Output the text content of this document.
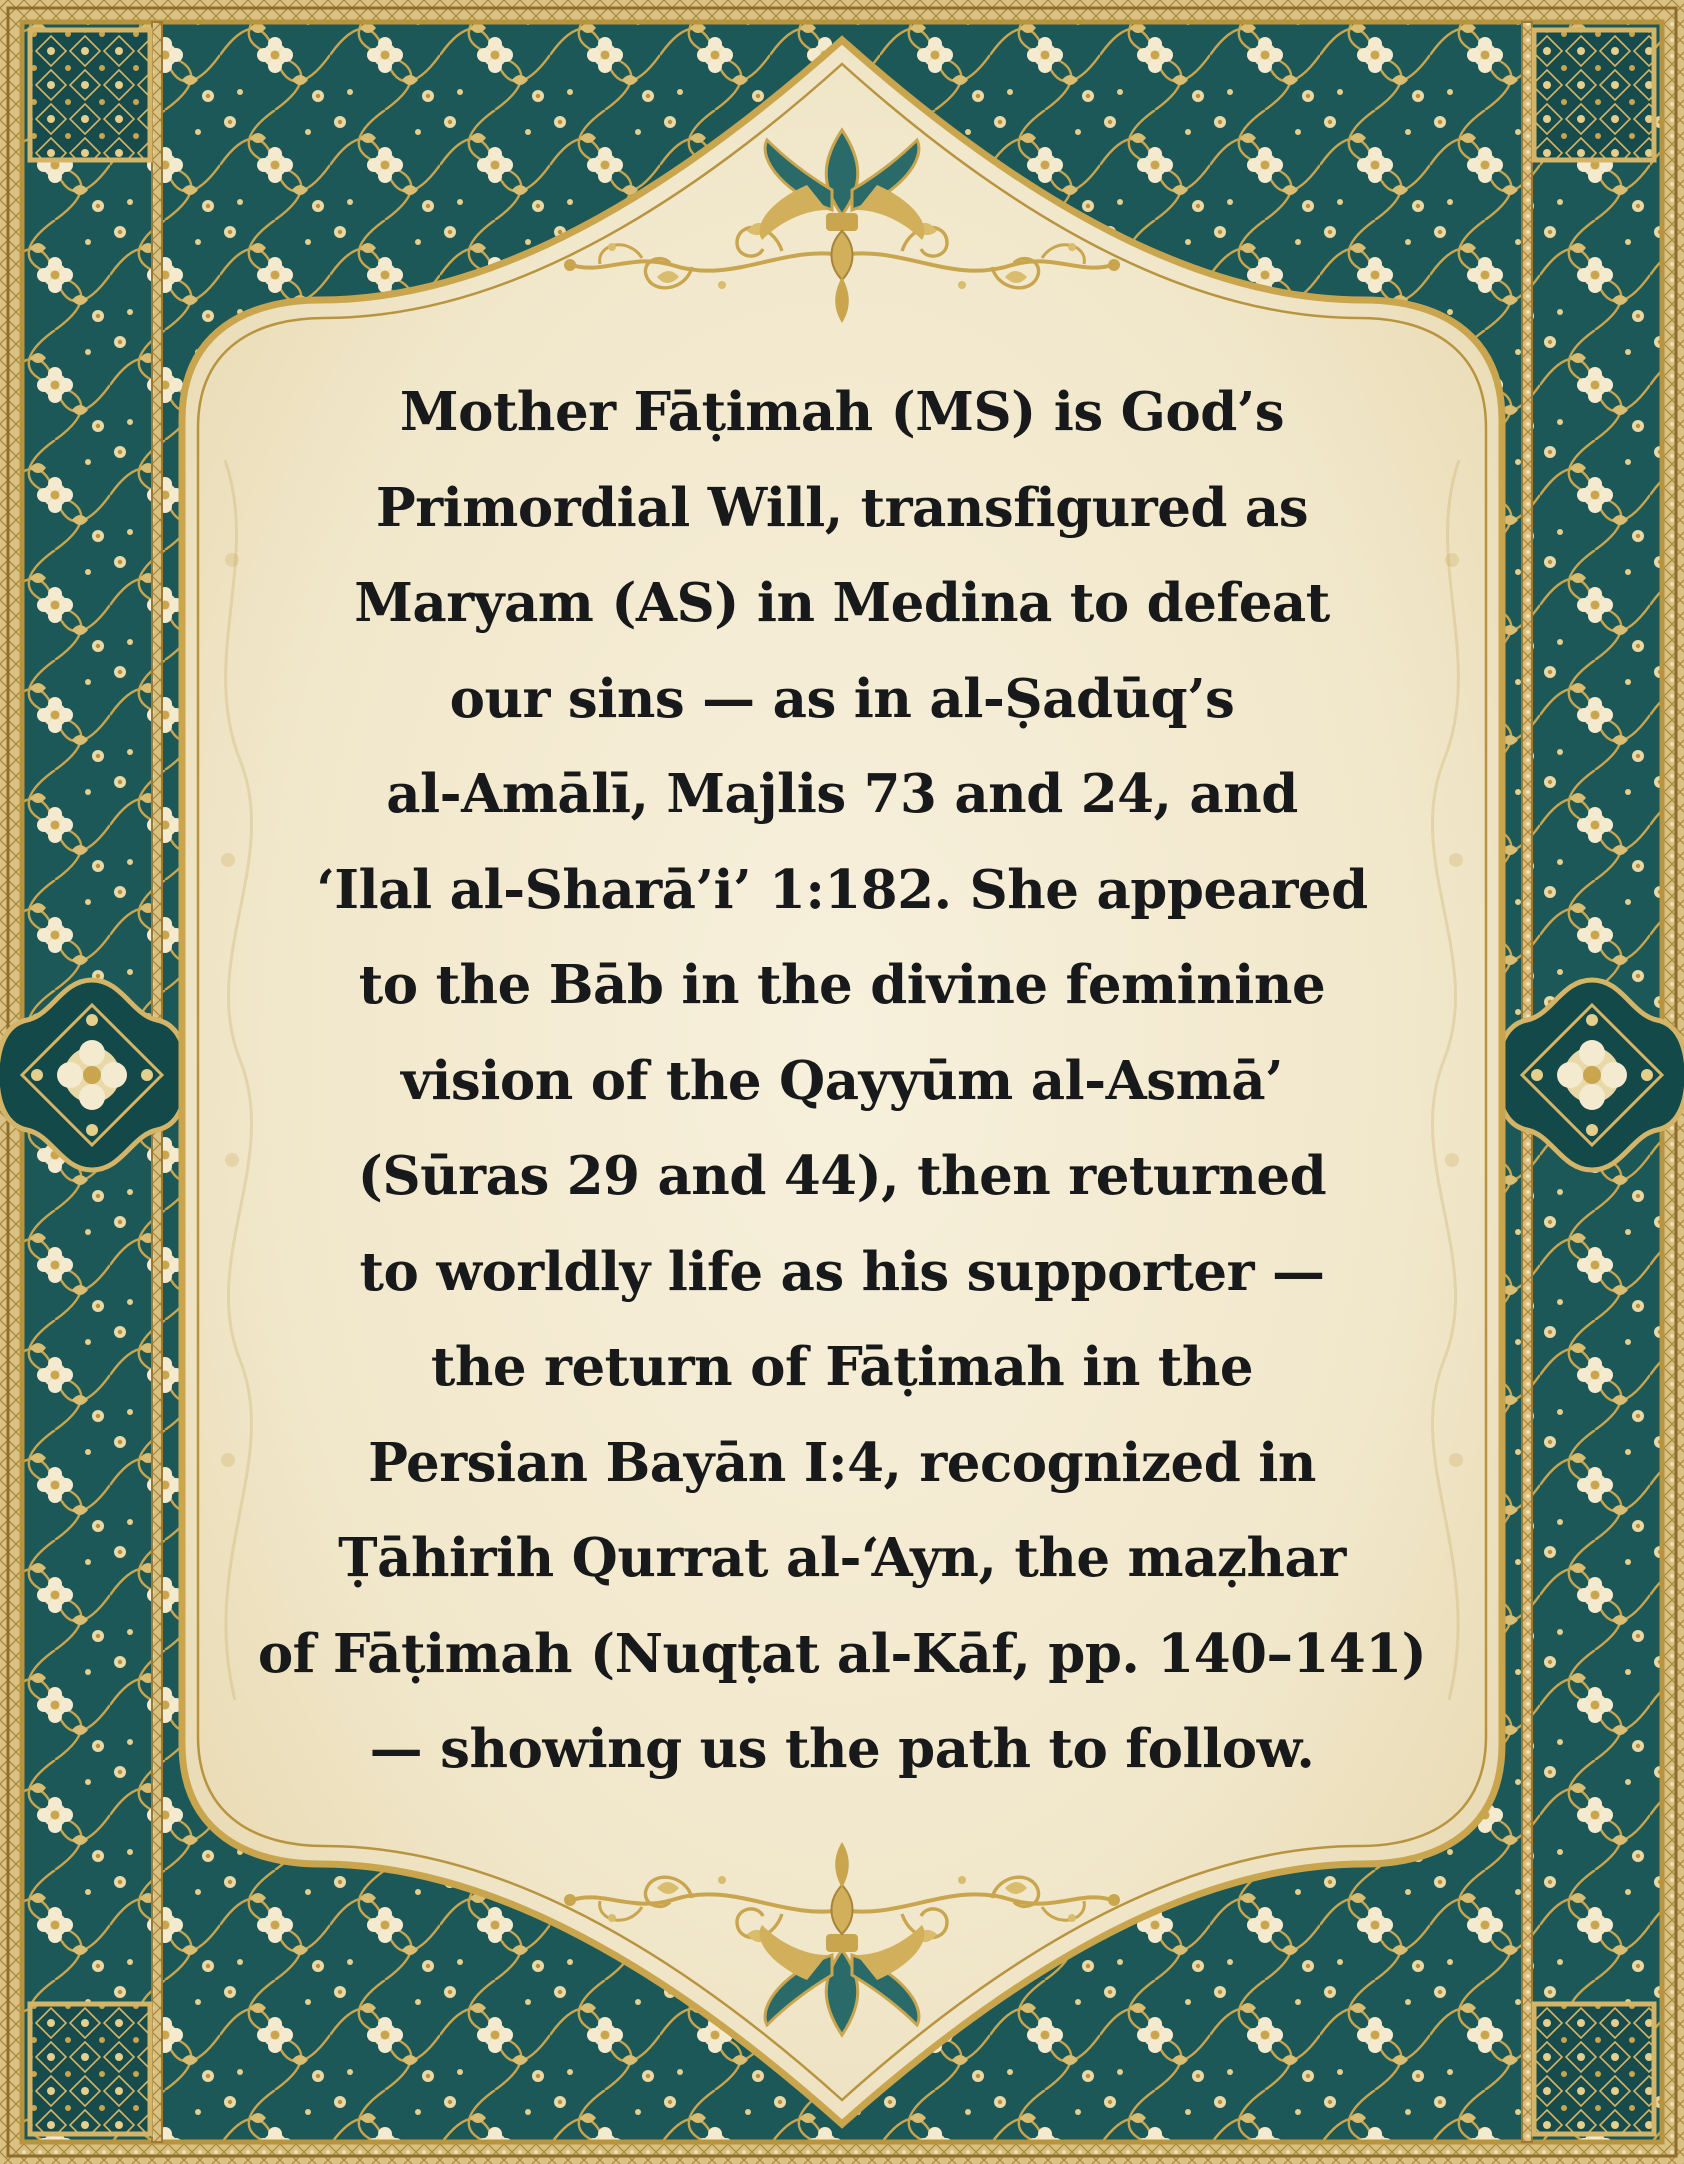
Mother Fāṭimah (MS) is God’s
Primordial Will, transfigured as
Maryam (AS) in Medina to defeat
our sins — as in al-Ṣadūq’s
al-Amālī, Majlis 73 and 24, and
‘Ilal al-Sharā’i’ 1:182. She appeared
to the Bāb in the divine feminine
vision of the Qayyūm al-Asmā’
(Sūras 29 and 44), then returned
to worldly life as his supporter —
the return of Fāṭimah in the
Persian Bayān I:4, recognized in
Ṭāhirih Qurrat al-‘Ayn, the maẓhar
of Fāṭimah (Nuqṭat al-Kāf, pp. 140–141)
— showing us the path to follow.
